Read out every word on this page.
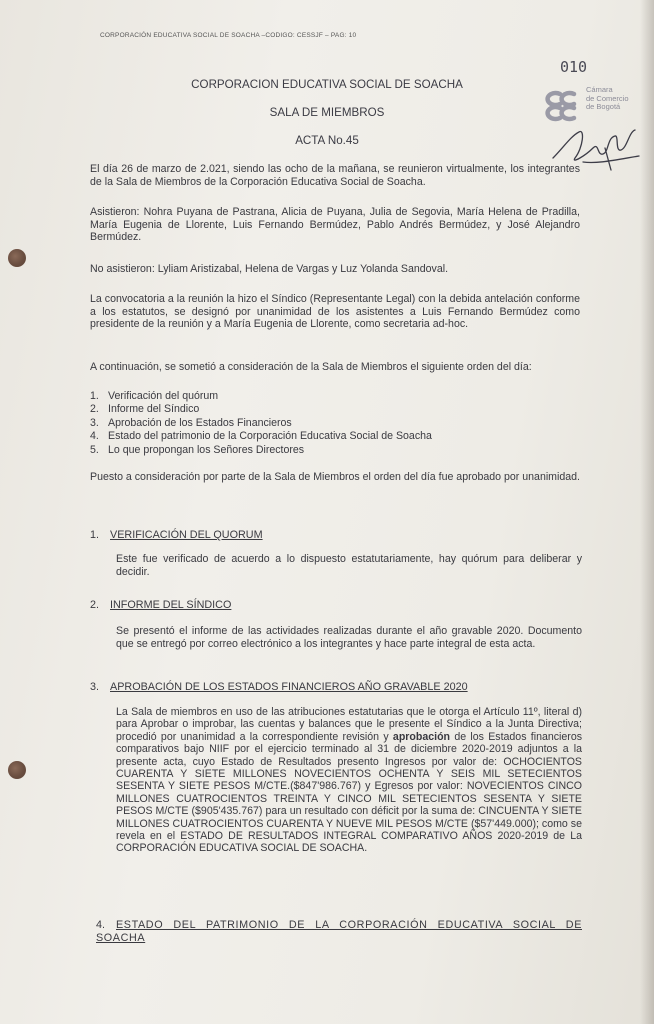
CORPORACIÓN EDUCATIVA SOCIAL DE SOACHA –CODIGO: CESSJF – PAG: 10
010
Cámara
de Comercio
de Bogotá
CORPORACION EDUCATIVA SOCIAL DE SOACHA
SALA DE MIEMBROS
ACTA No.45
El día 26 de marzo de 2.021, siendo las ocho de la mañana, se reunieron virtualmente, los integrantes de la Sala de Miembros de la Corporación Educativa Social de Soacha.
Asistieron: Nohra Puyana de Pastrana, Alicia de Puyana, Julia de Segovia, María Helena de Pradilla, María Eugenia de Llorente, Luis Fernando Bermúdez, Pablo Andrés Bermúdez, y José Alejandro Bermúdez.
No asistieron: Lyliam Aristizabal, Helena de Vargas y Luz Yolanda Sandoval.
La convocatoria a la reunión la hizo el Síndico (Representante Legal) con la debida antelación conforme a los estatutos, se designó por unanimidad de los asistentes a Luis Fernando Bermúdez como presidente de la reunión y a María Eugenia de Llorente, como secretaria ad-hoc.
A continuación, se sometió a consideración de la Sala de Miembros el siguiente orden del día:
1. Verificación del quórum
2. Informe del Síndico
3. Aprobación de los Estados Financieros
4. Estado del patrimonio de la Corporación Educativa Social de Soacha
5. Lo que propongan los Señores Directores
Puesto a consideración por parte de la Sala de Miembros el orden del día fue aprobado por unanimidad.
1. VERIFICACIÓN DEL QUORUM
Este fue verificado de acuerdo a lo dispuesto estatutariamente, hay quórum para deliberar y decidir.
2. INFORME DEL SÍNDICO
Se presentó el informe de las actividades realizadas durante el año gravable 2020. Documento que se entregó por correo electrónico a los integrantes y hace parte integral de esta acta.
3. APROBACIÓN DE LOS ESTADOS FINANCIEROS AÑO GRAVABLE 2020
La Sala de miembros en uso de las atribuciones estatutarias que le otorga el Artículo 11º, literal d) para Aprobar o improbar, las cuentas y balances que le presente el Síndico a la Junta Directiva; procedió por unanimidad a la correspondiente revisión y aprobación de los Estados financieros comparativos bajo NIIF por el ejercicio terminado al 31 de diciembre 2020-2019 adjuntos a la presente acta, cuyo Estado de Resultados presento Ingresos por valor de: OCHOCIENTOS CUARENTA Y SIETE MILLONES NOVECIENTOS OCHENTA Y SEIS MIL SETECIENTOS SESENTA Y SIETE PESOS M/CTE.($847'986.767) y Egresos por valor: NOVECIENTOS CINCO MILLONES CUATROCIENTOS TREINTA Y CINCO MIL SETECIENTOS SESENTA Y SIETE PESOS M/CTE ($905'435.767) para un resultado con déficit por la suma de: CINCUENTA Y SIETE MILLONES CUATROCIENTOS CUARENTA Y NUEVE MIL PESOS M/CTE ($57'449.000); como se revela en el ESTADO DE RESULTADOS INTEGRAL COMPARATIVO AÑOS 2020-2019 de La CORPORACIÓN EDUCATIVA SOCIAL DE SOACHA.
4. ESTADO DEL PATRIMONIO DE LA CORPORACIÓN EDUCATIVA SOCIAL DE SOACHA
